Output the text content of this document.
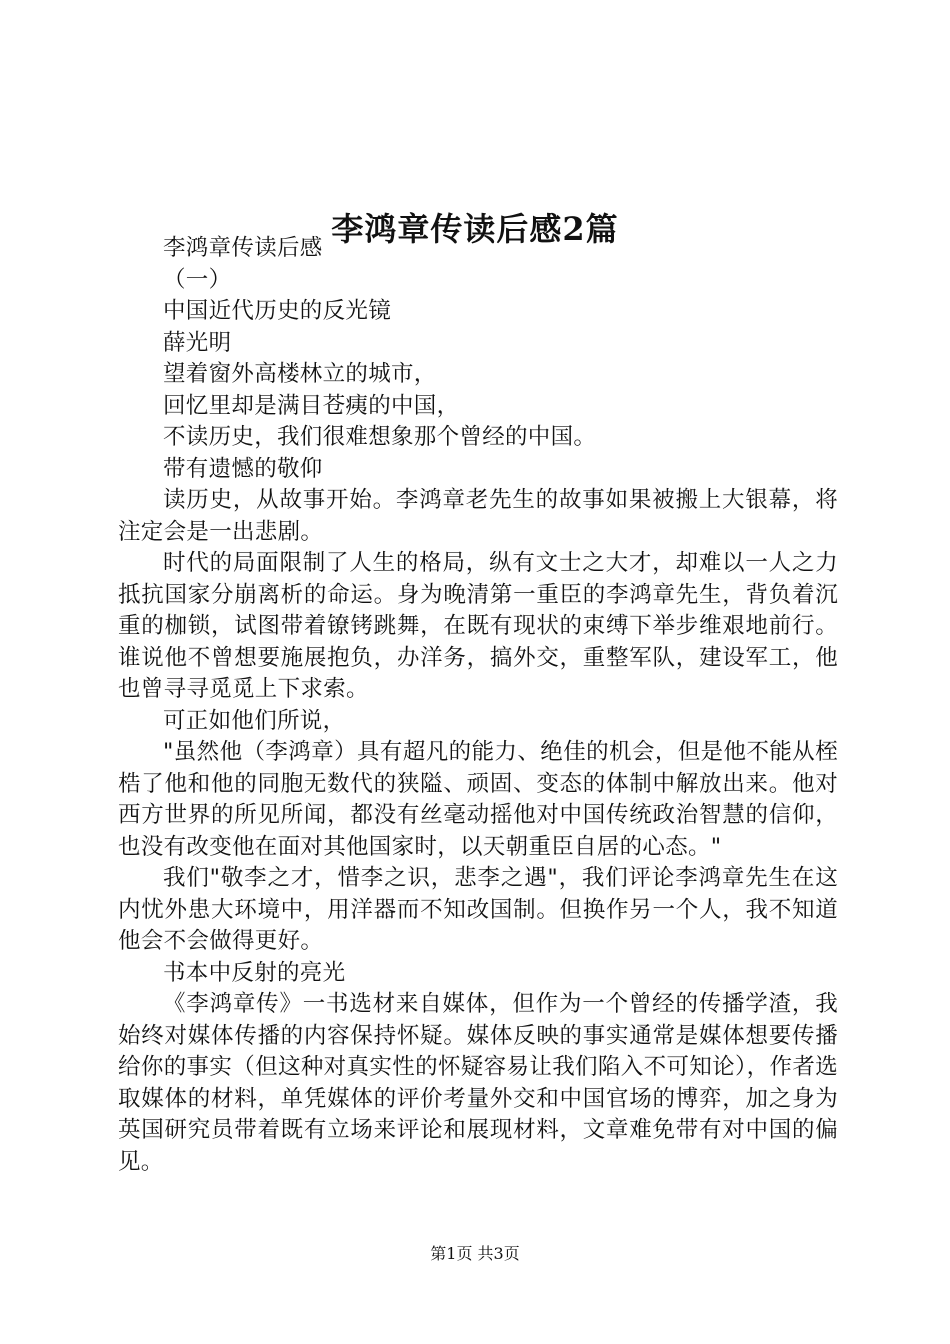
李鸿章传读后感2篇

李鸿章传读后感

（一）

中国近代历史的反光镜

薛光明

望着窗外高楼林立的城市，

回忆里却是满目苍痍的中国，

不读历史，我们很难想象那个曾经的中国。

带有遗憾的敬仰

读历史，从故事开始。李鸿章老先生的故事如果被搬上大银幕，将注定会是一出悲剧。

时代的局面限制了人生的格局，纵有文士之大才，却难以一人之力抵抗国家分崩离析的命运。身为晚清第一重臣的李鸿章先生，背负着沉重的枷锁，试图带着镣铐跳舞，在既有现状的束缚下举步维艰地前行。谁说他不曾想要施展抱负，办洋务，搞外交，重整军队，建设军工，他也曾寻寻觅觅上下求索。

可正如他们所说，

"虽然他（李鸿章）具有超凡的能力、绝佳的机会，但是他不能从桎梏了他和他的同胞无数代的狭隘、顽固、变态的体制中解放出来。他对西方世界的所见所闻，都没有丝毫动摇他对中国传统政治智慧的信仰，也没有改变他在面对其他国家时，以天朝重臣自居的心态。"

我们"敬李之才，惜李之识，悲李之遇"，我们评论李鸿章先生在这内忧外患大环境中，用洋器而不知改国制。但换作另一个人，我不知道他会不会做得更好。

书本中反射的亮光

《李鸿章传》一书选材来自媒体，但作为一个曾经的传播学渣，我始终对媒体传播的内容保持怀疑。媒体反映的事实通常是媒体想要传播给你的事实（但这种对真实性的怀疑容易让我们陷入不可知论），作者选取媒体的材料，单凭媒体的评价考量外交和中国官场的博弈，加之身为英国研究员带着既有立场来评论和展现材料，文章难免带有对中国的偏见。

第1页 共3页
